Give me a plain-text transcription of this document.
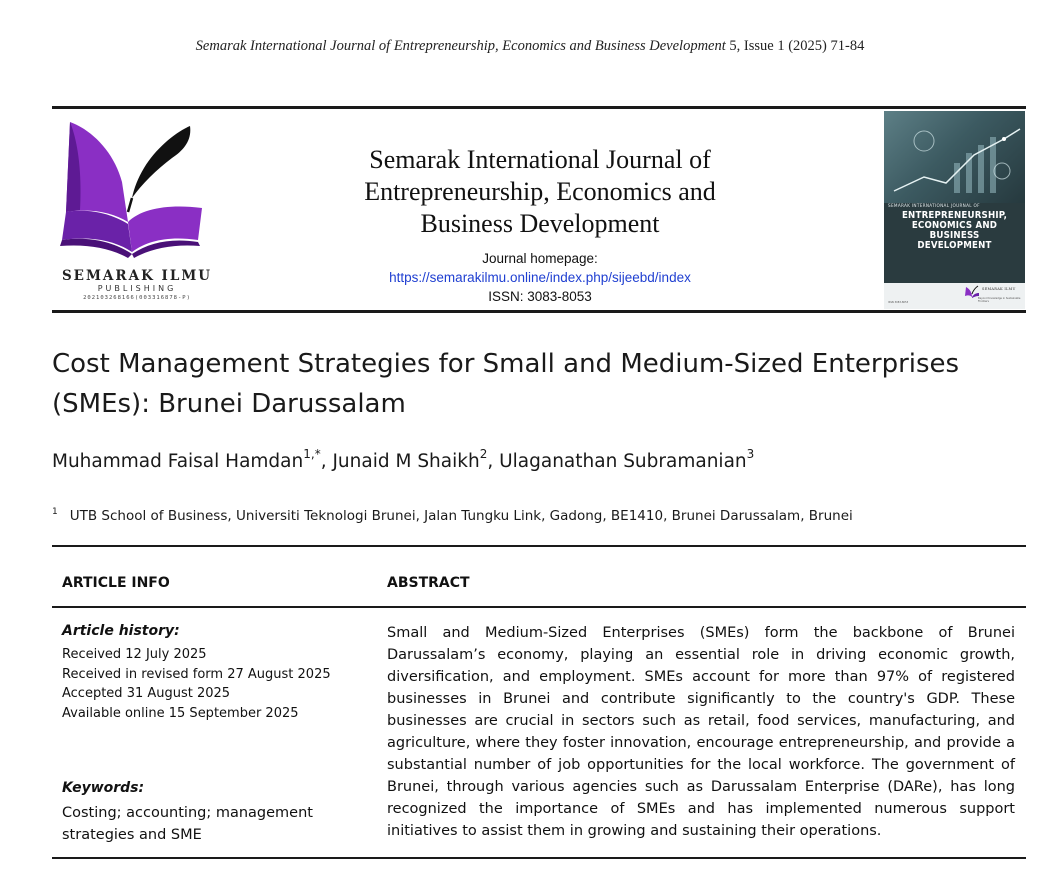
Semarak International Journal of Entrepreneurship, Economics and Business Development 5, Issue 1 (2025) 71-84
SEMARAK ILMU
PUBLISHING
202103268166(003316878-P)
Semarak International Journal of
Entrepreneurship, Economics and
Business Development
Journal homepage:
https://semarakilmu.online/index.php/sijeebd/index
ISSN: 3083-8053
SEMARAK INTERNATIONAL JOURNAL OF
ENTREPRENEURSHIP,
ECONOMICS AND
BUSINESS
DEVELOPMENT
SEMARAK ILMU
Beyond Knowledge in Sustainable Frontiers
ISSN 3083-8053
Cost Management Strategies for Small and Medium-Sized Enterprises
(SMEs): Brunei Darussalam
Muhammad Faisal Hamdan$^{1,*}$, Junaid M Shaikh$^2$, Ulaganathan Subramanian$^3$
$^1$ UTB School of Business, Universiti Teknologi Brunei, Jalan Tungku Link, Gadong, BE1410, Brunei Darussalam, Brunei
ARTICLE INFO	ABSTRACT
Article history:
Received 12 July 2025
Received in revised form 27 August 2025
Accepted 31 August 2025
Available online 15 September 2025
Keywords:
Costing; accounting; management strategies and SME
Small and Medium-Sized Enterprises (SMEs) form the backbone of Brunei Darussalam’s economy, playing an essential role in driving economic growth, diversification, and employment. SMEs account for more than 97% of registered businesses in Brunei and contribute significantly to the country's GDP. These businesses are crucial in sectors such as retail, food services, manufacturing, and agriculture, where they foster innovation, encourage entrepreneurship, and provide a substantial number of job opportunities for the local workforce. The government of Brunei, through various agencies such as Darussalam Enterprise (DARe), has long recognized the importance of SMEs and has implemented numerous support initiatives to assist them in growing and sustaining their operations.
